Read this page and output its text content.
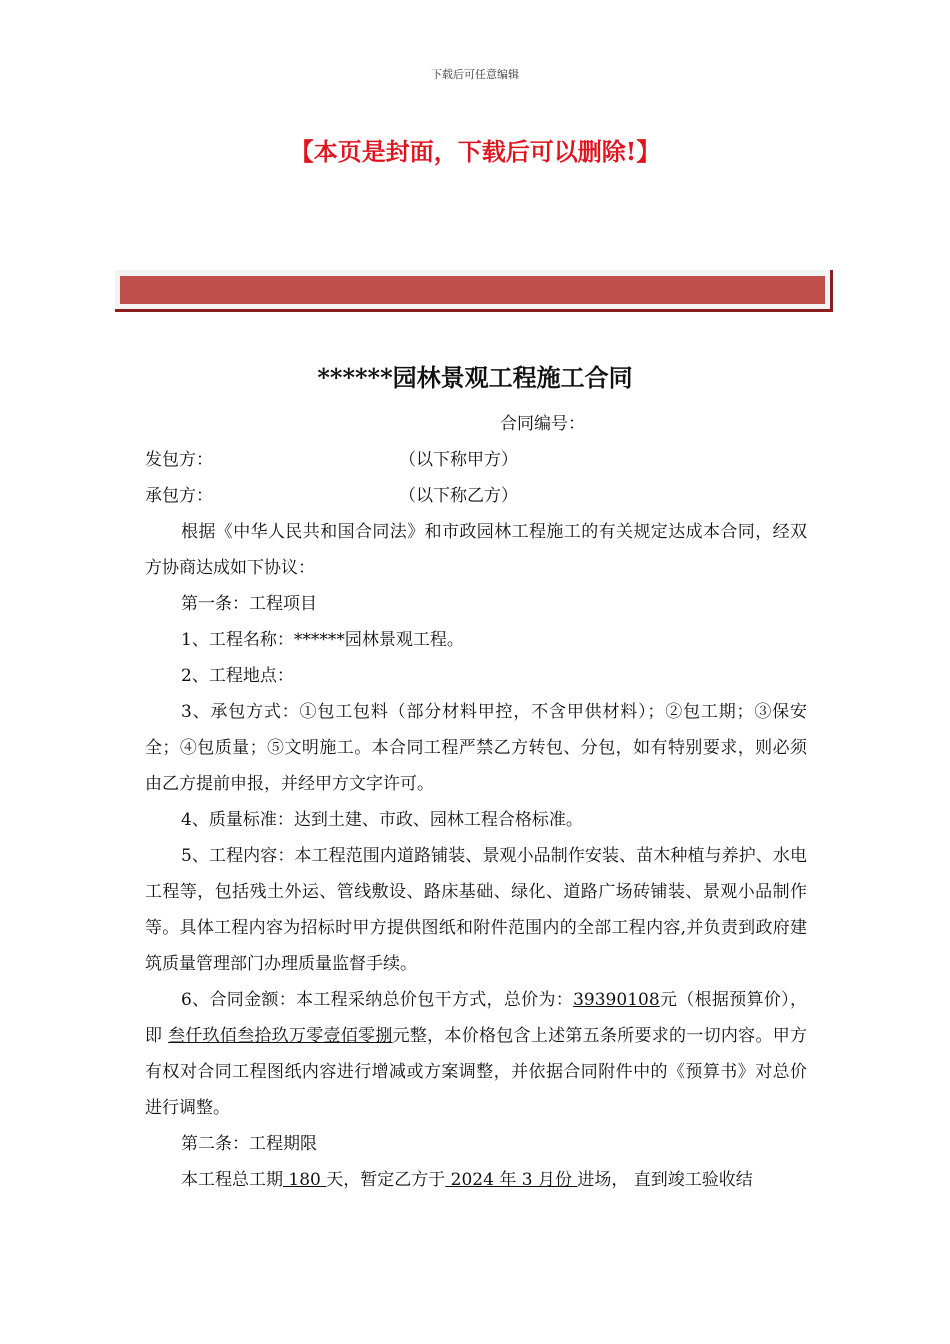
下载后可任意编辑
【本页是封面，下载后可以删除!】
******园林景观工程施工合同

合同编号：

发包方：	（以下称甲方）

承包方：	（以下称乙方）

根据《中华人民共和国合同法》和市政园林工程施工的有关规定达成本合同，经双方协商达成如下协议：

第一条：工程项目

1、工程名称：******园林景观工程。

2、工程地点：

3、承包方式：①包工包料（部分材料甲控，不含甲供材料）；②包工期；③保安全；④包质量；⑤文明施工。本合同工程严禁乙方转包、分包，如有特别要求，则必须由乙方提前申报，并经甲方文字许可。

4、质量标准：达到土建、市政、园林工程合格标准。

5、工程内容：本工程范围内道路铺装、景观小品制作安装、苗木种植与养护、水电工程等，包括残土外运、管线敷设、路床基础、绿化、道路广场砖铺装、景观小品制作等。具体工程内容为招标时甲方提供图纸和附件范围内的全部工程内容,并负责到政府建筑质量管理部门办理质量监督手续。

6、合同金额：本工程采纳总价包干方式，总价为：39390108元（根据预算价），即 叁仟玖佰叁拾玖万零壹佰零捌元整，本价格包含上述第五条所要求的一切内容。甲方有权对合同工程图纸内容进行增减或方案调整，并依据合同附件中的《预算书》对总价进行调整。

第二条：工程期限

本工程总工期 180 天，暂定乙方于 2024 年 3 月份 进场， 直到竣工验收结
